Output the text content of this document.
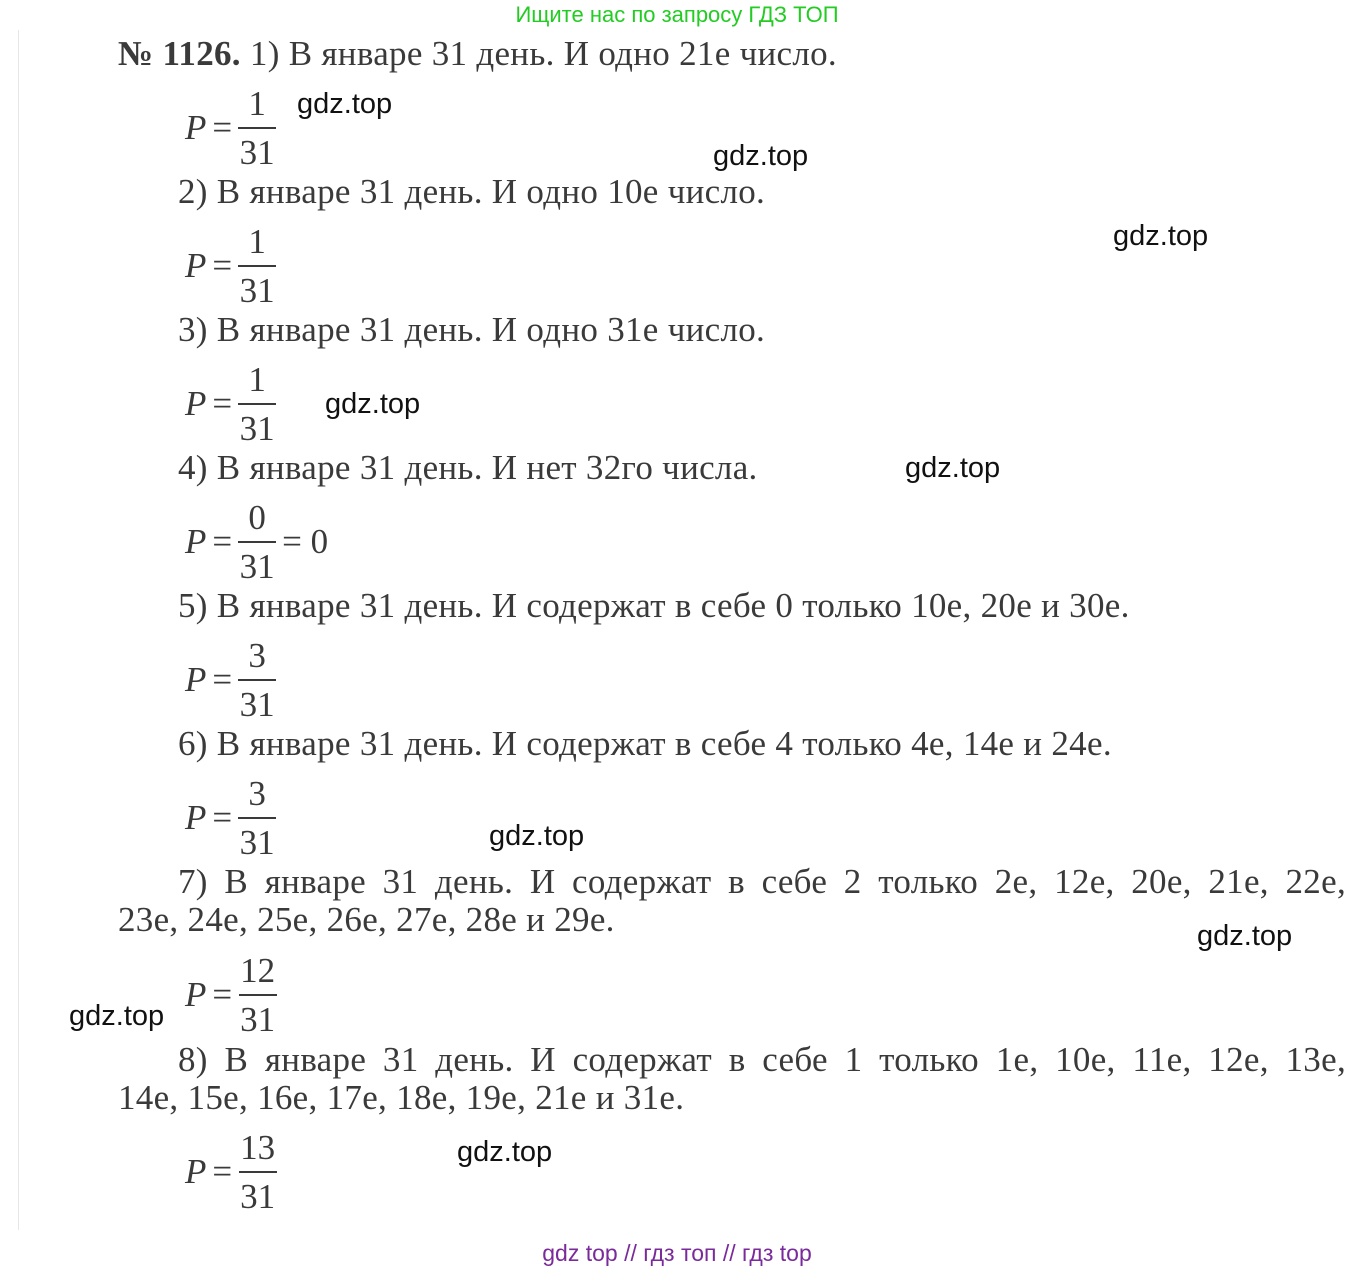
Ищите нас по запросу ГДЗ ТОП
№ 1126. 1) В январе 31 день. И одно 21е число.
$P = \frac{1}{31}$
2) В январе 31 день. И одно 10е число.
$P = \frac{1}{31}$
3) В январе 31 день. И одно 31е число.
$P = \frac{1}{31}$
4) В январе 31 день. И нет 32го числа.
$P = \frac{0}{31} = 0$
5) В январе 31 день. И содержат в себе 0 только 10е, 20е и 30е.
$P = \frac{3}{31}$
6) В январе 31 день. И содержат в себе 4 только 4е, 14е и 24е.
$P = \frac{3}{31}$
7) В январе 31 день. И содержат в себе 2 только 2е, 12е, 20е, 21е, 22е,
23е, 24е, 25е, 26е, 27е, 28е и 29е.
$P = \frac{12}{31}$
8) В январе 31 день. И содержат в себе 1 только 1е, 10е, 11е, 12е, 13е,
14е, 15е, 16е, 17е, 18е, 19е, 21е и 31е.
$P = \frac{13}{31}$
gdz.top
gdz.top
gdz.top
gdz.top
gdz.top
gdz.top
gdz.top
gdz.top
gdz.top
gdz top // гдз топ // гдз top
